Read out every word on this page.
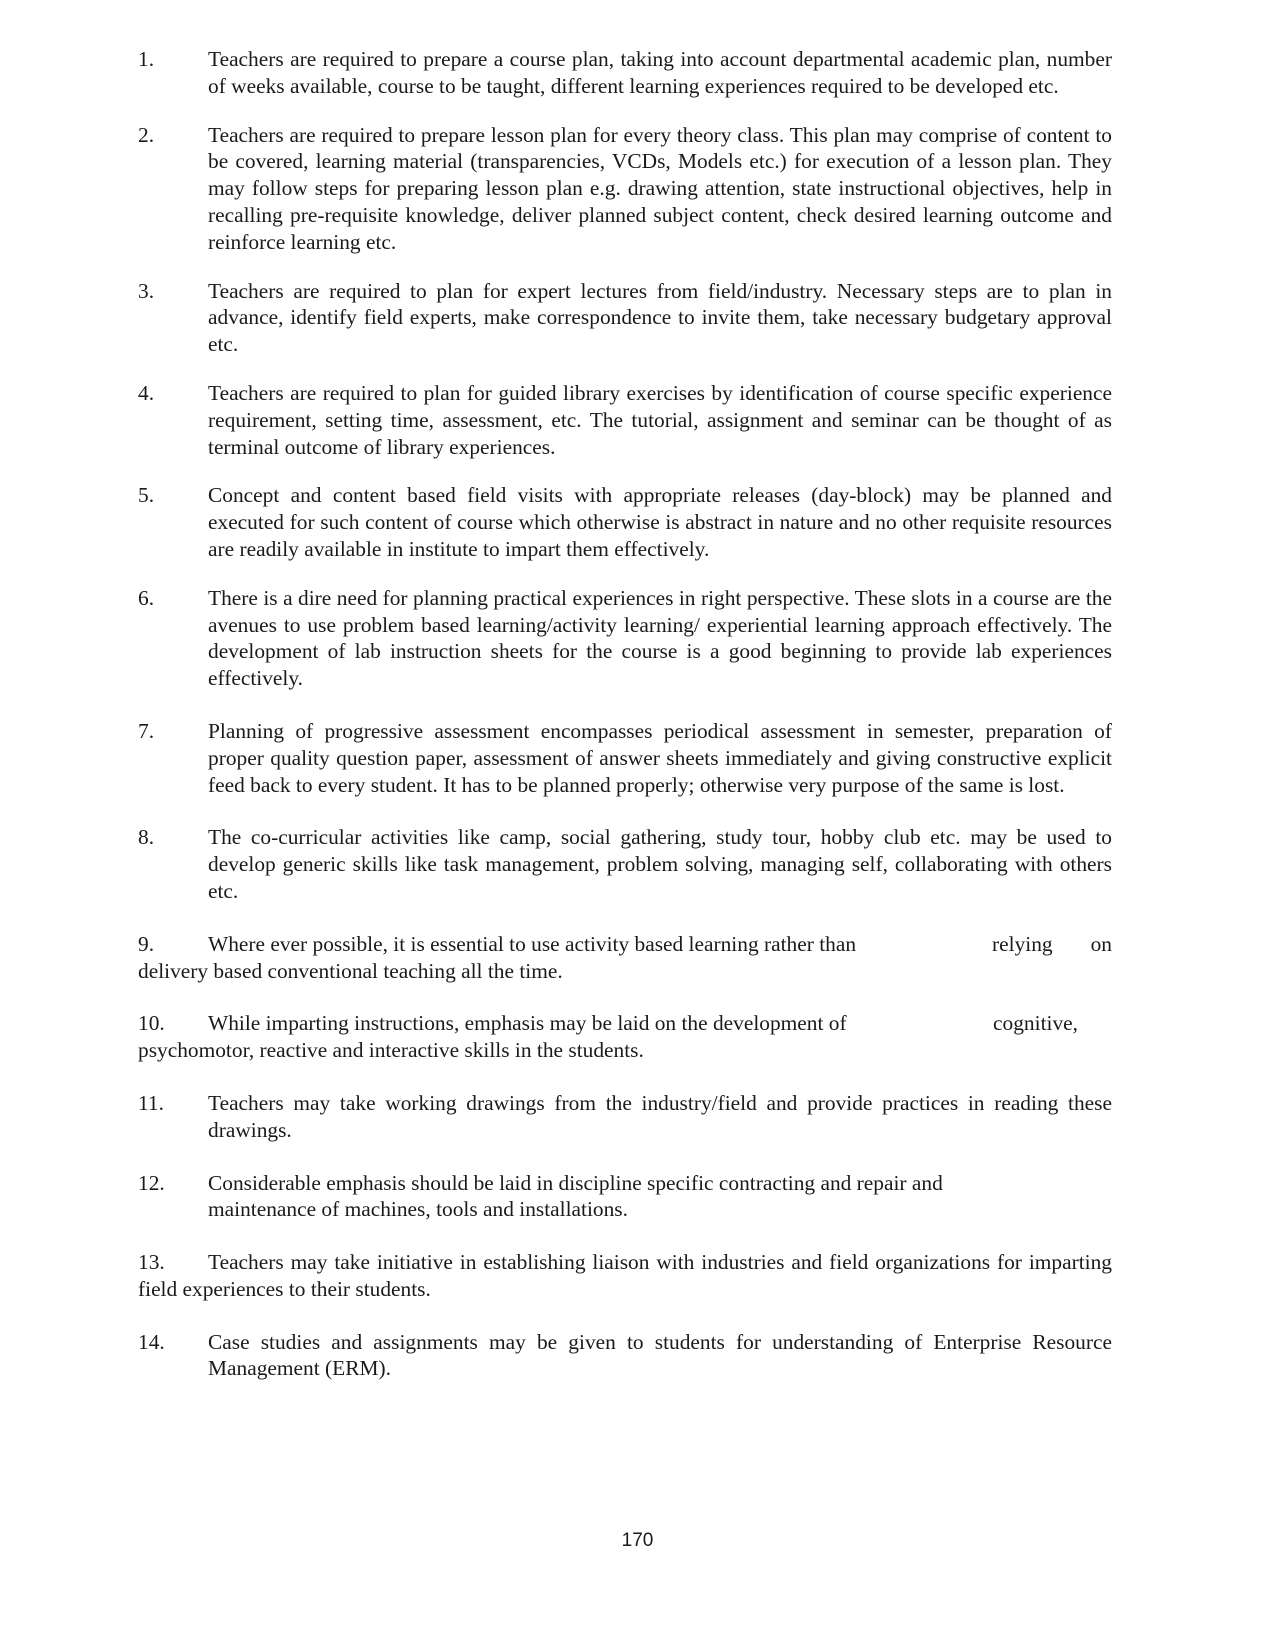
1.	Teachers are required to prepare a course plan, taking into account departmental academic plan, number of weeks available, course to be taught, different learning experiences required to be developed etc.

2.	Teachers are required to prepare lesson plan for every theory class. This plan may comprise of content to be covered, learning material (transparencies, VCDs, Models etc.) for execution of a lesson plan. They may follow steps for preparing lesson plan e.g. drawing attention, state instructional objectives, help in recalling pre-requisite knowledge, deliver planned subject content, check desired learning outcome and reinforce learning etc.

3.	Teachers are required to plan for expert lectures from field/industry. Necessary steps are to plan in advance, identify field experts, make correspondence to invite them, take necessary budgetary approval etc.

4.	Teachers are required to plan for guided library exercises by identification of course specific experience requirement, setting time, assessment, etc. The tutorial, assignment and seminar can be thought of as terminal outcome of library experiences.

5.	Concept and content based field visits with appropriate releases (day-block) may be planned and executed for such content of course which otherwise is abstract in nature and no other requisite resources are readily available in institute to impart them effectively.

6.	There is a dire need for planning practical experiences in right perspective. These slots in a course are the avenues to use problem based learning/activity learning/ experiential learning approach effectively. The development of lab instruction sheets for the course is a good beginning to provide lab experiences effectively.

7.	Planning of progressive assessment encompasses periodical assessment in semester, preparation of proper quality question paper, assessment of answer sheets immediately and giving constructive explicit feed back to every student. It has to be planned properly; otherwise very purpose of the same is lost.

8.	The co-curricular activities like camp, social gathering, study tour, hobby club etc. may be used to develop generic skills like task management, problem solving, managing self, collaborating with others etc.

9.	Where ever possible, it is essential to use activity based learning rather than	relying on
delivery based conventional teaching all the time.
10. While imparting instructions, emphasis may be laid on the development of	cognitive,
psychomotor, reactive and interactive skills in the students.

11. Teachers may take working drawings from the industry/field and provide practices in reading these drawings.

12. Considerable emphasis should be laid in discipline specific contracting and repair and maintenance of machines, tools and installations.

13. Teachers may take initiative in establishing liaison with industries and field organizations for imparting field experiences to their students.

14. Case studies and assignments may be given to students for understanding of Enterprise Resource Management (ERM).

170
